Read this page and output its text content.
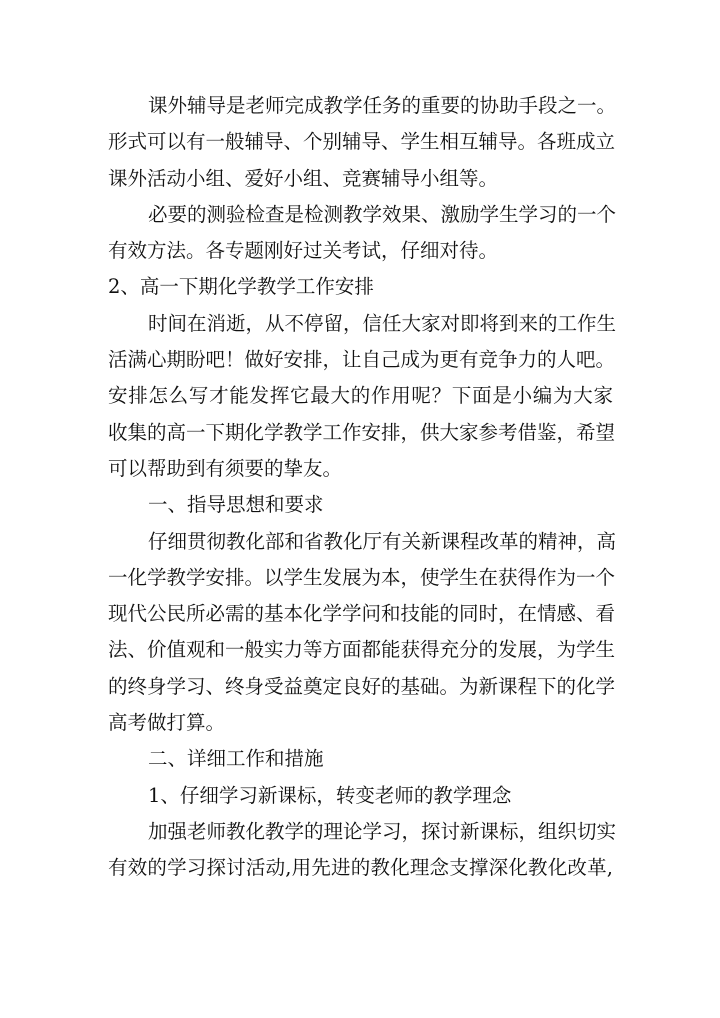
课外辅导是老师完成教学任务的重要的协助手段之一。
形式可以有一般辅导、个别辅导、学生相互辅导。各班成立
课外活动小组、爱好小组、竞赛辅导小组等。
必要的测验检查是检测教学效果、激励学生学习的一个
有效方法。各专题刚好过关考试，仔细对待。
2、高一下期化学教学工作安排
时间在消逝，从不停留，信任大家对即将到来的工作生
活满心期盼吧！做好安排，让自己成为更有竞争力的人吧。
安排怎么写才能发挥它最大的作用呢？下面是小编为大家
收集的高一下期化学教学工作安排，供大家参考借鉴，希望
可以帮助到有须要的挚友。
一、指导思想和要求
仔细贯彻教化部和省教化厅有关新课程改革的精神，高
一化学教学安排。以学生发展为本，使学生在获得作为一个
现代公民所必需的基本化学学问和技能的同时，在情感、看
法、价值观和一般实力等方面都能获得充分的发展，为学生
的终身学习、终身受益奠定良好的基础。为新课程下的化学
高考做打算。
二、详细工作和措施
1、仔细学习新课标，转变老师的教学理念
加强老师教化教学的理论学习，探讨新课标，组织切实
有效的学习探讨活动,用先进的教化理念支撑深化教化改革,
